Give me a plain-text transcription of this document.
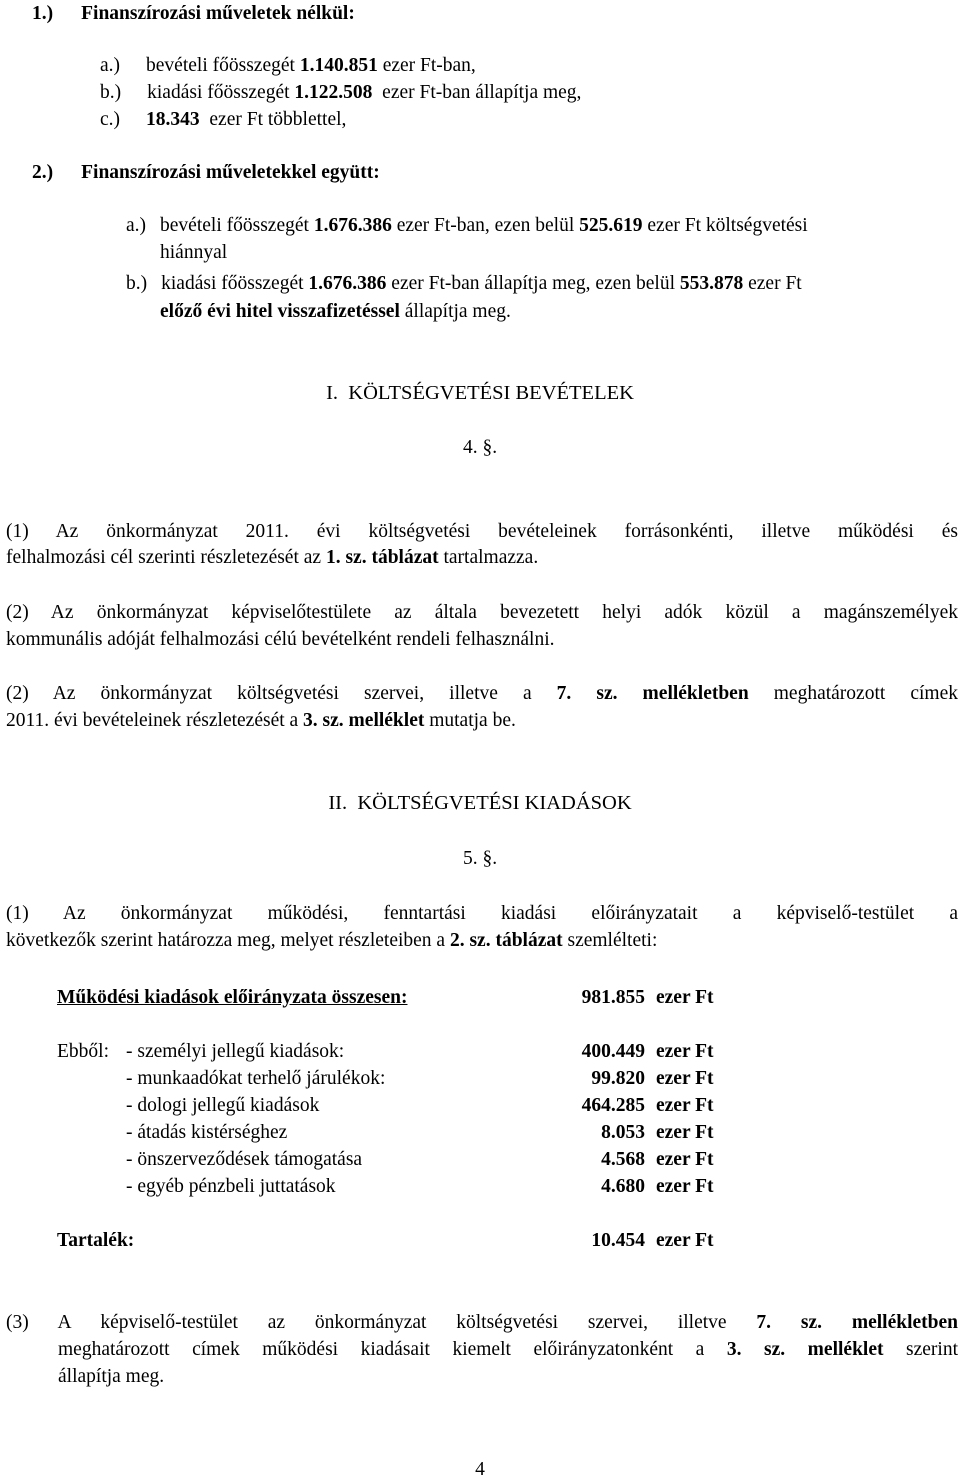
1.) Finanszírozási műveletek nélkül:
a.) bevételi főösszegét 1.140.851 ezer Ft-ban,
b.) kiadási főösszegét 1.122.508  ezer Ft-ban állapítja meg,
c.) 18.343  ezer Ft többlettel,
2.) Finanszírozási műveletekkel együtt:
a.) bevételi főösszegét 1.676.386 ezer Ft-ban, ezen belül 525.619 ezer Ft költségvetési
hiánnyal
b.) kiadási főösszegét 1.676.386 ezer Ft-ban állapítja meg, ezen belül 553.878 ezer Ft
előző évi hitel visszafizetéssel állapítja meg.
I.  KÖLTSÉGVETÉSI BEVÉTELEK
4. §.
(1) Az önkormányzat 2011. évi költségvetési bevételeinek forrásonkénti, illetve működési és
felhalmozási cél szerinti részletezését az 1. sz. táblázat tartalmazza.
(2) Az önkormányzat képviselőtestülete az általa bevezetett helyi adók közül a magánszemélyek
kommunális adóját felhalmozási célú bevételként rendeli felhasználni.
(2) Az önkormányzat költségvetési szervei, illetve a 7. sz. mellékletben meghatározott címek
2011. évi bevételeinek részletezését a 3. sz. melléklet mutatja be.
II.  KÖLTSÉGVETÉSI KIADÁSOK
5. §.
(1) Az önkormányzat működési, fenntartási kiadási előirányzatait a képviselő-testület a
következők szerint határozza meg, melyet részleteiben a 2. sz. táblázat szemlélteti:
Működési kiadások előirányzata összesen:	981.855 ezer Ft
Ebből: - személyi jellegű kiadások:	400.449 ezer Ft
- munkaadókat terhelő járulékok:	99.820 ezer Ft
- dologi jellegű kiadások	464.285 ezer Ft
- átadás kistérséghez	8.053 ezer Ft
- önszerveződések támogatása	4.568 ezer Ft
- egyéb pénzbeli juttatások	4.680 ezer Ft
Tartalék:	10.454 ezer Ft
(3) A képviselő-testület az önkormányzat költségvetési szervei, illetve 7. sz. mellékletben
meghatározott címek működési kiadásait kiemelt előirányzatonként a 3. sz. melléklet szerint
állapítja meg.
4
